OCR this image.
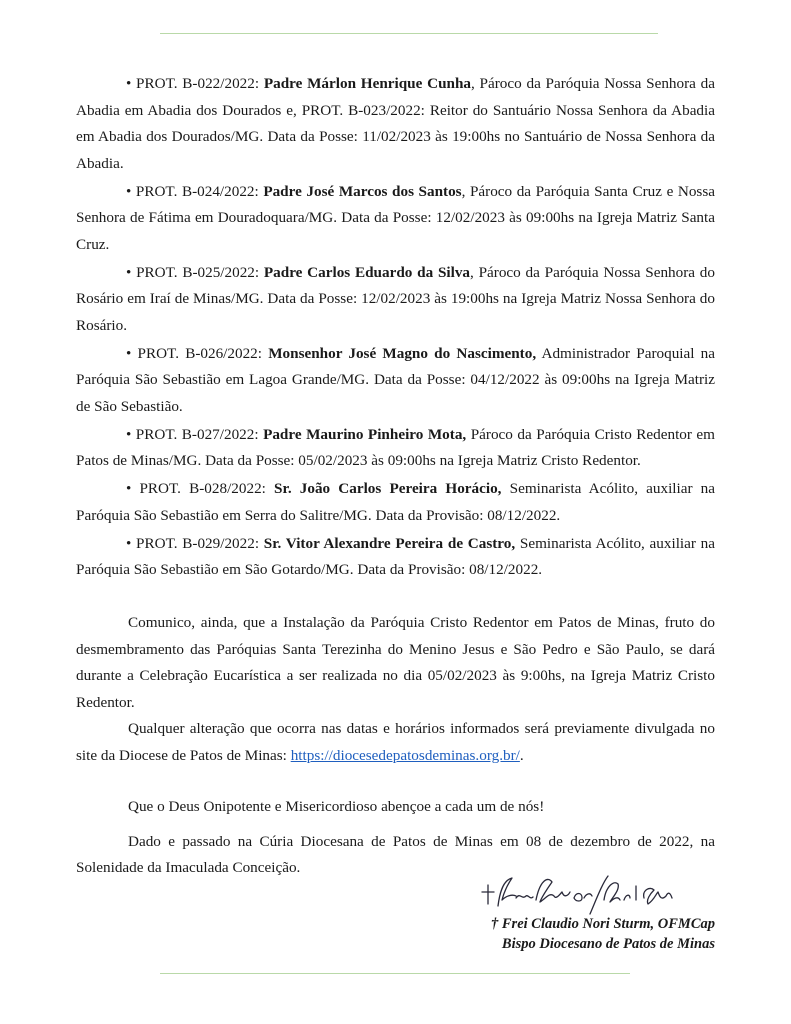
• PROT. B-022/2022: Padre Márlon Henrique Cunha, Pároco da Paróquia Nossa Senhora da Abadia em Abadia dos Dourados e, PROT. B-023/2022: Reitor do Santuário Nossa Senhora da Abadia em Abadia dos Dourados/MG. Data da Posse: 11/02/2023 às 19:00hs no Santuário de Nossa Senhora da Abadia.

• PROT. B-024/2022: Padre José Marcos dos Santos, Pároco da Paróquia Santa Cruz e Nossa Senhora de Fátima em Douradoquara/MG. Data da Posse: 12/02/2023 às 09:00hs na Igreja Matriz Santa Cruz.

• PROT. B-025/2022: Padre Carlos Eduardo da Silva, Pároco da Paróquia Nossa Senhora do Rosário em Iraí de Minas/MG. Data da Posse: 12/02/2023 às 19:00hs na Igreja Matriz Nossa Senhora do Rosário.

• PROT. B-026/2022: Monsenhor José Magno do Nascimento, Administrador Paroquial na Paróquia São Sebastião em Lagoa Grande/MG. Data da Posse: 04/12/2022 às 09:00hs na Igreja Matriz de São Sebastião.

• PROT. B-027/2022: Padre Maurino Pinheiro Mota, Pároco da Paróquia Cristo Redentor em Patos de Minas/MG. Data da Posse: 05/02/2023 às 09:00hs na Igreja Matriz Cristo Redentor.

• PROT. B-028/2022: Sr. João Carlos Pereira Horácio, Seminarista Acólito, auxiliar na Paróquia São Sebastião em Serra do Salitre/MG. Data da Provisão: 08/12/2022.

• PROT. B-029/2022: Sr. Vitor Alexandre Pereira de Castro, Seminarista Acólito, auxiliar na Paróquia São Sebastião em São Gotardo/MG. Data da Provisão: 08/12/2022.

Comunico, ainda, que a Instalação da Paróquia Cristo Redentor em Patos de Minas, fruto do desmembramento das Paróquias Santa Terezinha do Menino Jesus e São Pedro e São Paulo, se dará durante a Celebração Eucarística a ser realizada no dia 05/02/2023 às 9:00hs, na Igreja Matriz Cristo Redentor.

Qualquer alteração que ocorra nas datas e horários informados será previamente divulgada no site da Diocese de Patos de Minas: https://diocesedepatosdeminas.org.br/.

Que o Deus Onipotente e Misericordioso abençoe a cada um de nós!

Dado e passado na Cúria Diocesana de Patos de Minas em 08 de dezembro de 2022, na Solenidade da Imaculada Conceição.

† Frei Claudio Nori Sturm, OFMCap
Bispo Diocesano de Patos de Minas
